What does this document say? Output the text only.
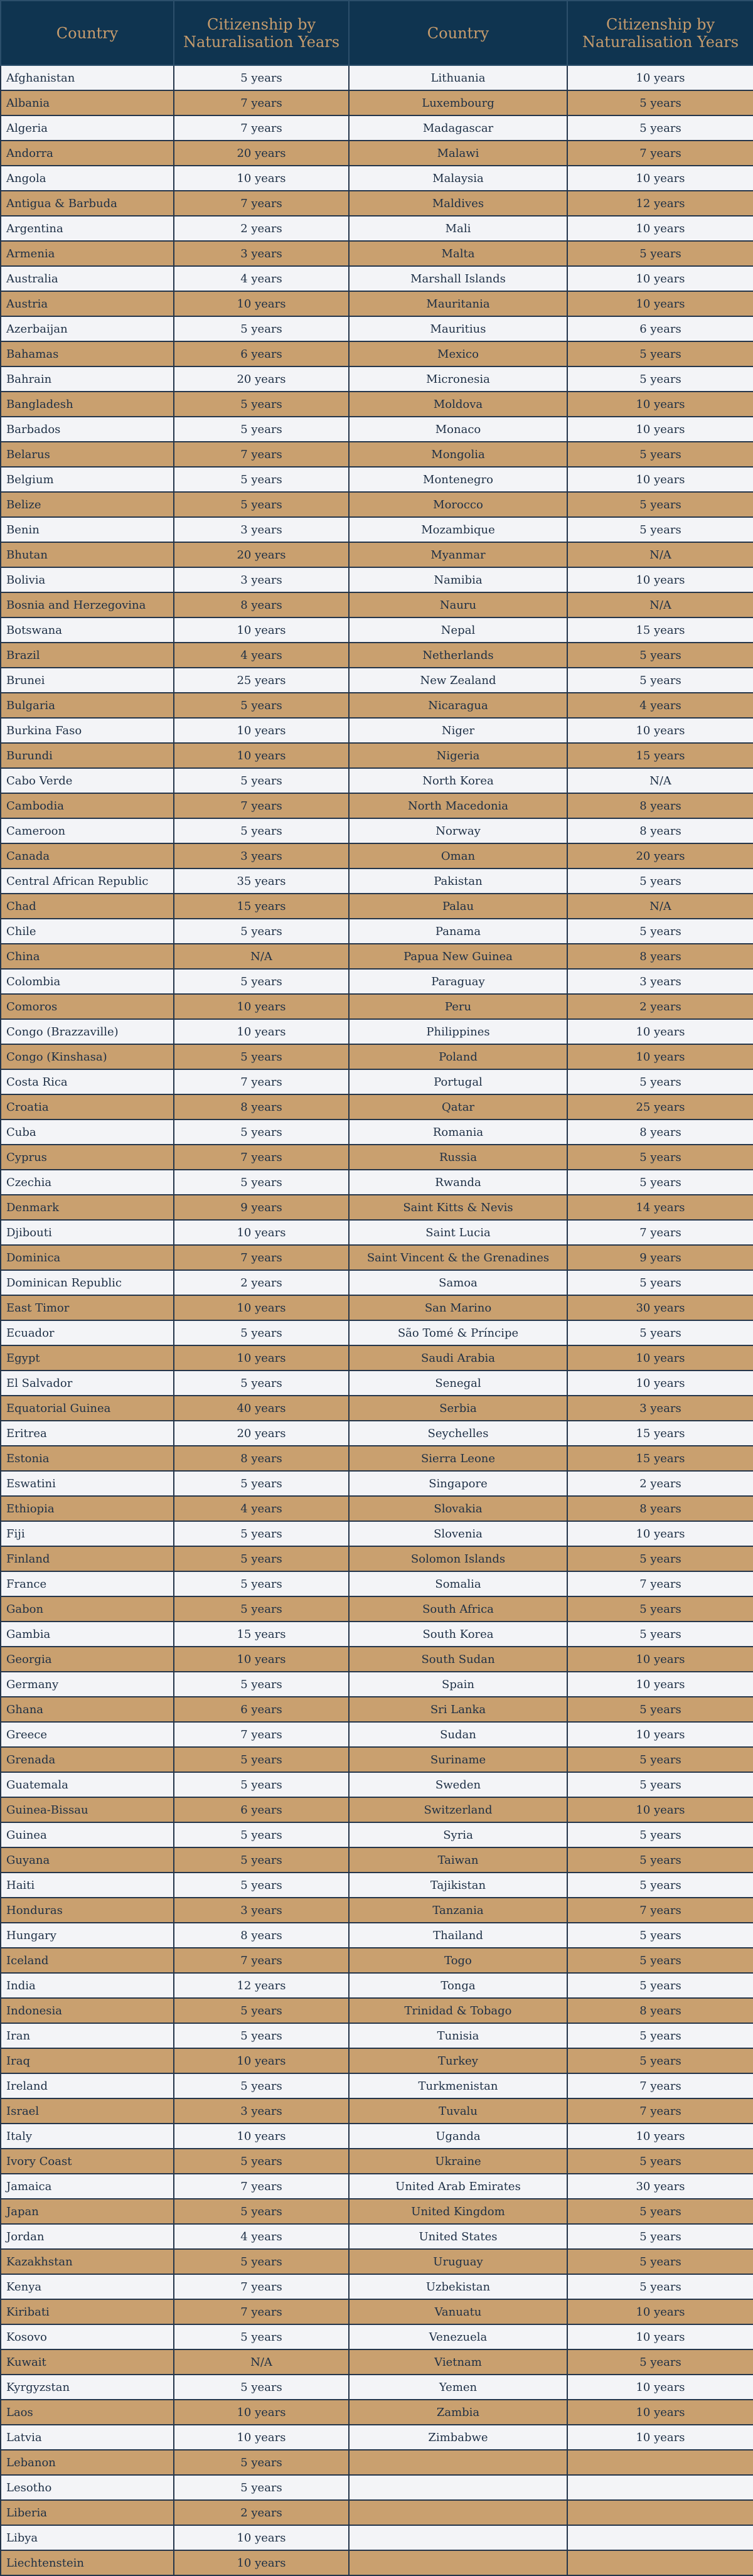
Country	Citizenship by
Naturalisation Years	Country	Citizenship by
Naturalisation Years
Afghanistan	5 years	Lithuania	10 years
Albania	7 years	Luxembourg	5 years
Algeria	7 years	Madagascar	5 years
Andorra	20 years	Malawi	7 years
Angola	10 years	Malaysia	10 years
Antigua & Barbuda	7 years	Maldives	12 years
Argentina	2 years	Mali	10 years
Armenia	3 years	Malta	5 years
Australia	4 years	Marshall Islands	10 years
Austria	10 years	Mauritania	10 years
Azerbaijan	5 years	Mauritius	6 years
Bahamas	6 years	Mexico	5 years
Bahrain	20 years	Micronesia	5 years
Bangladesh	5 years	Moldova	10 years
Barbados	5 years	Monaco	10 years
Belarus	7 years	Mongolia	5 years
Belgium	5 years	Montenegro	10 years
Belize	5 years	Morocco	5 years
Benin	3 years	Mozambique	5 years
Bhutan	20 years	Myanmar	N/A
Bolivia	3 years	Namibia	10 years
Bosnia and Herzegovina	8 years	Nauru	N/A
Botswana	10 years	Nepal	15 years
Brazil	4 years	Netherlands	5 years
Brunei	25 years	New Zealand	5 years
Bulgaria	5 years	Nicaragua	4 years
Burkina Faso	10 years	Niger	10 years
Burundi	10 years	Nigeria	15 years
Cabo Verde	5 years	North Korea	N/A
Cambodia	7 years	North Macedonia	8 years
Cameroon	5 years	Norway	8 years
Canada	3 years	Oman	20 years
Central African Republic	35 years	Pakistan	5 years
Chad	15 years	Palau	N/A
Chile	5 years	Panama	5 years
China	N/A	Papua New Guinea	8 years
Colombia	5 years	Paraguay	3 years
Comoros	10 years	Peru	2 years
Congo (Brazzaville)	10 years	Philippines	10 years
Congo (Kinshasa)	5 years	Poland	10 years
Costa Rica	7 years	Portugal	5 years
Croatia	8 years	Qatar	25 years
Cuba	5 years	Romania	8 years
Cyprus	7 years	Russia	5 years
Czechia	5 years	Rwanda	5 years
Denmark	9 years	Saint Kitts & Nevis	14 years
Djibouti	10 years	Saint Lucia	7 years
Dominica	7 years	Saint Vincent & the Grenadines	9 years
Dominican Republic	2 years	Samoa	5 years
East Timor	10 years	San Marino	30 years
Ecuador	5 years	São Tomé & Príncipe	5 years
Egypt	10 years	Saudi Arabia	10 years
El Salvador	5 years	Senegal	10 years
Equatorial Guinea	40 years	Serbia	3 years
Eritrea	20 years	Seychelles	15 years
Estonia	8 years	Sierra Leone	15 years
Eswatini	5 years	Singapore	2 years
Ethiopia	4 years	Slovakia	8 years
Fiji	5 years	Slovenia	10 years
Finland	5 years	Solomon Islands	5 years
France	5 years	Somalia	7 years
Gabon	5 years	South Africa	5 years
Gambia	15 years	South Korea	5 years
Georgia	10 years	South Sudan	10 years
Germany	5 years	Spain	10 years
Ghana	6 years	Sri Lanka	5 years
Greece	7 years	Sudan	10 years
Grenada	5 years	Suriname	5 years
Guatemala	5 years	Sweden	5 years
Guinea-Bissau	6 years	Switzerland	10 years
Guinea	5 years	Syria	5 years
Guyana	5 years	Taiwan	5 years
Haiti	5 years	Tajikistan	5 years
Honduras	3 years	Tanzania	7 years
Hungary	8 years	Thailand	5 years
Iceland	7 years	Togo	5 years
India	12 years	Tonga	5 years
Indonesia	5 years	Trinidad & Tobago	8 years
Iran	5 years	Tunisia	5 years
Iraq	10 years	Turkey	5 years
Ireland	5 years	Turkmenistan	7 years
Israel	3 years	Tuvalu	7 years
Italy	10 years	Uganda	10 years
Ivory Coast	5 years	Ukraine	5 years
Jamaica	7 years	United Arab Emirates	30 years
Japan	5 years	United Kingdom	5 years
Jordan	4 years	United States	5 years
Kazakhstan	5 years	Uruguay	5 years
Kenya	7 years	Uzbekistan	5 years
Kiribati	7 years	Vanuatu	10 years
Kosovo	5 years	Venezuela	10 years
Kuwait	N/A	Vietnam	5 years
Kyrgyzstan	5 years	Yemen	10 years
Laos	10 years	Zambia	10 years
Latvia	10 years	Zimbabwe	10 years
Lebanon	5 years		
Lesotho	5 years		
Liberia	2 years		
Libya	10 years		
Liechtenstein	10 years		
